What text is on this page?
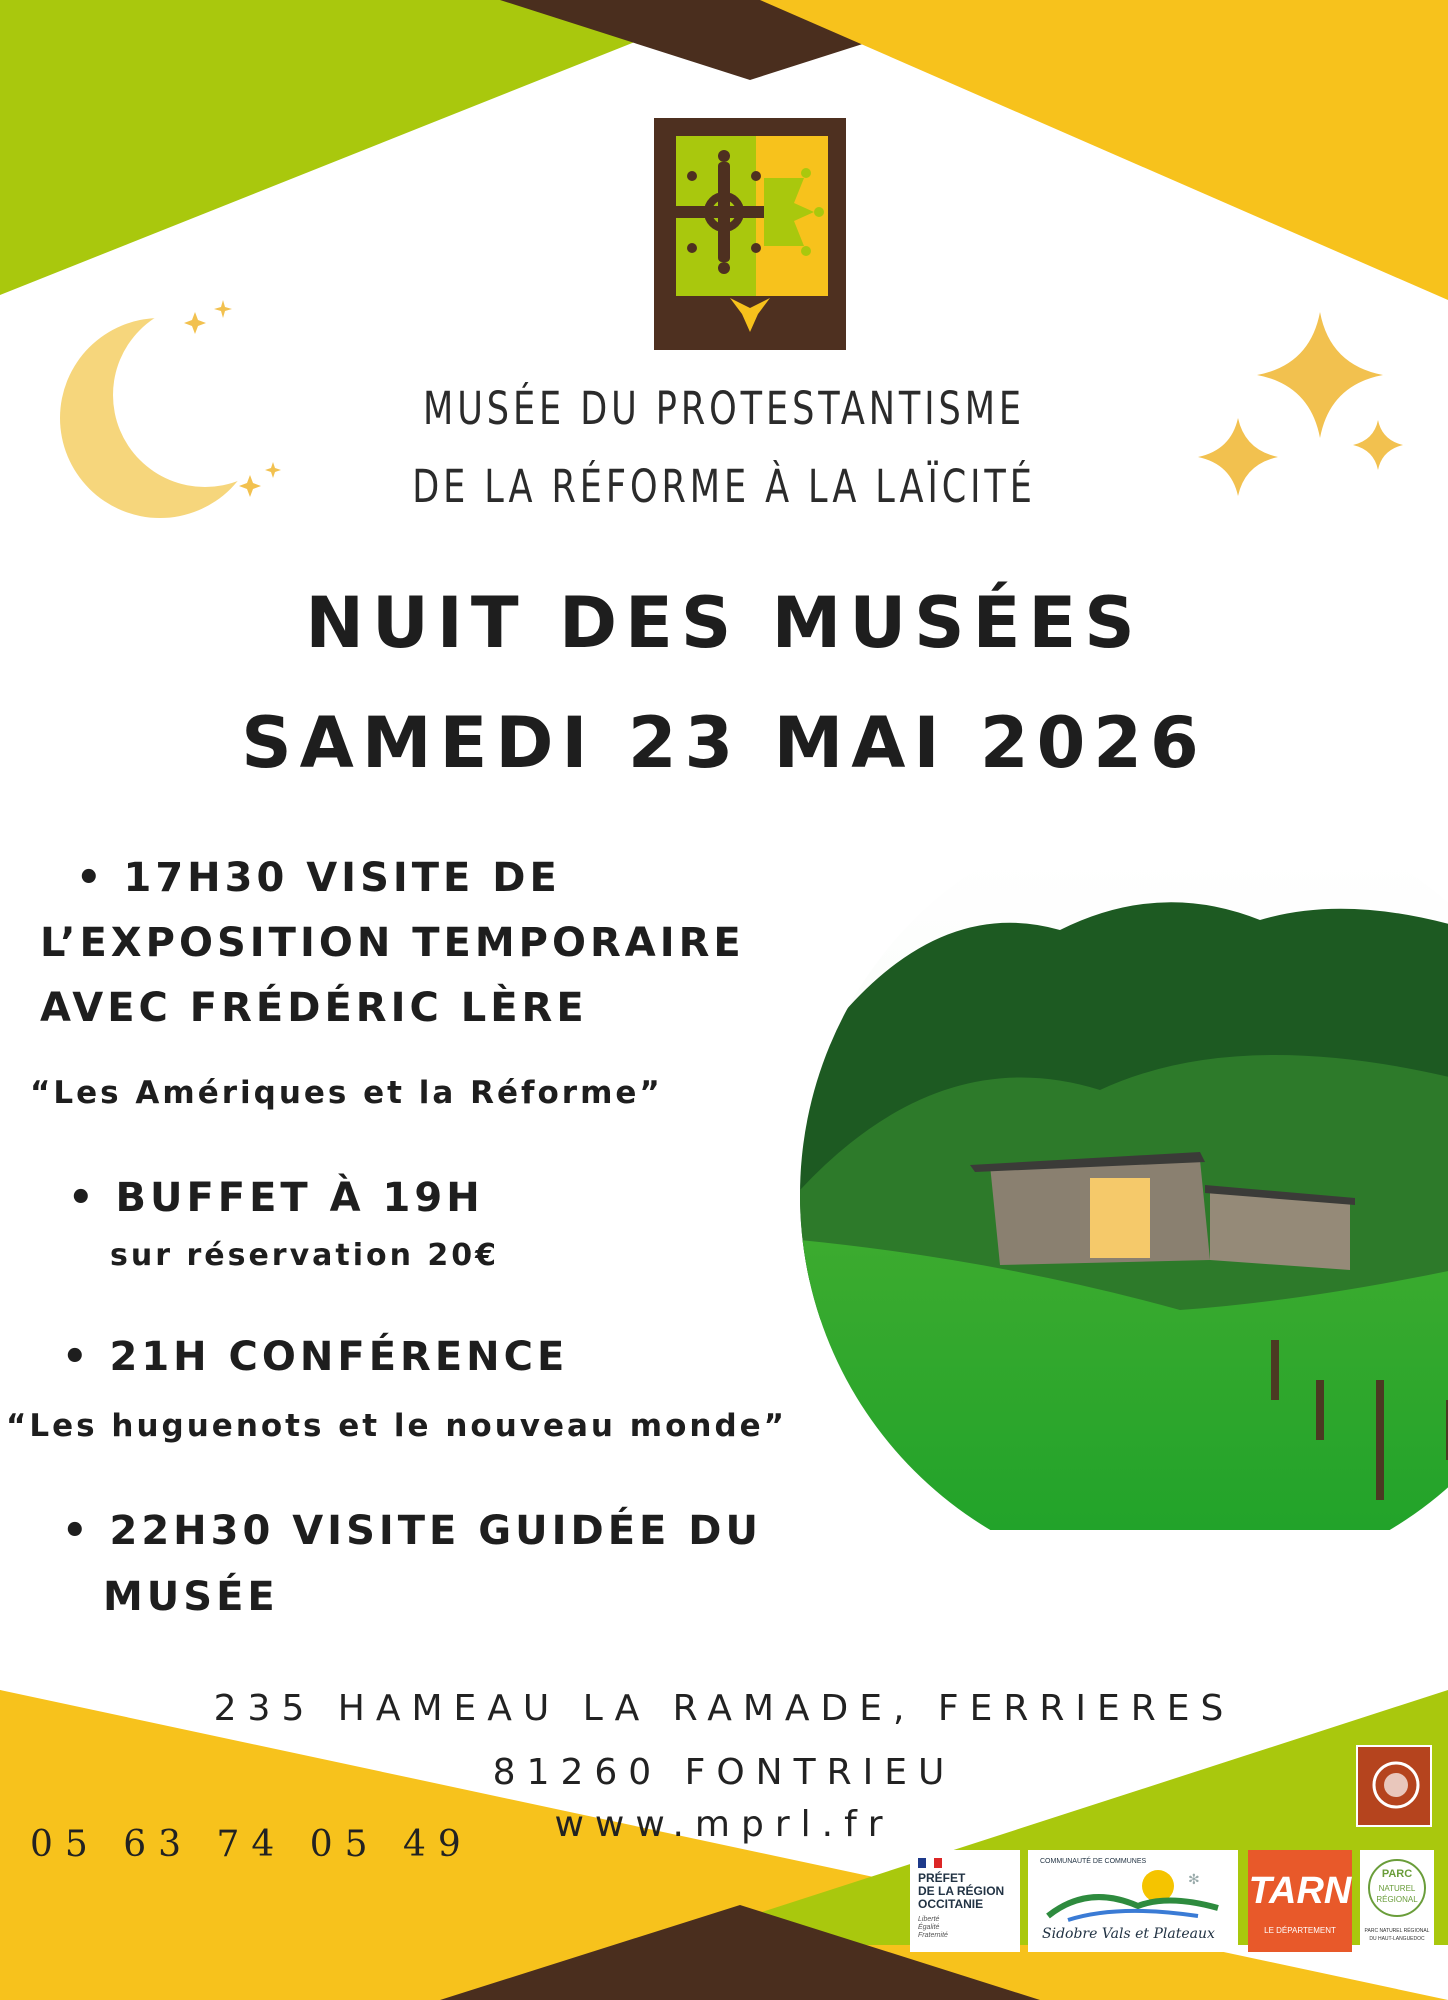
MUSÉE DU PROTESTANTISME
DE LA RÉFORME À LA LAÏCITÉ
NUIT DES MUSÉES
SAMEDI 23 MAI 2026
• 17H30 VISITE DE
L’EXPOSITION TEMPORAIRE
AVEC FRÉDÉRIC LÈRE
“Les Amériques et la Réforme”
• BUFFET À 19H
sur réservation 20€
• 21H CONFÉRENCE
“Les huguenots et le nouveau monde”
• 22H30 VISITE GUIDÉE DU
MUSÉE
235 HAMEAU LA RAMADE, FERRIERES
81260 FONTRIEU
www.mprl.fr
05 63 74 05 49
PRÉFET
DE LA RÉGION
OCCITANIE
Liberté
Égalité
Fraternité
COMMUNAUTÉ DE COMMUNES
✻
Sidobre Vals et Plateaux
TARN
LE DÉPARTEMENT
PARC
NATUREL
RÉGIONAL
PARC NATUREL RÉGIONAL
DU HAUT-LANGUEDOC
